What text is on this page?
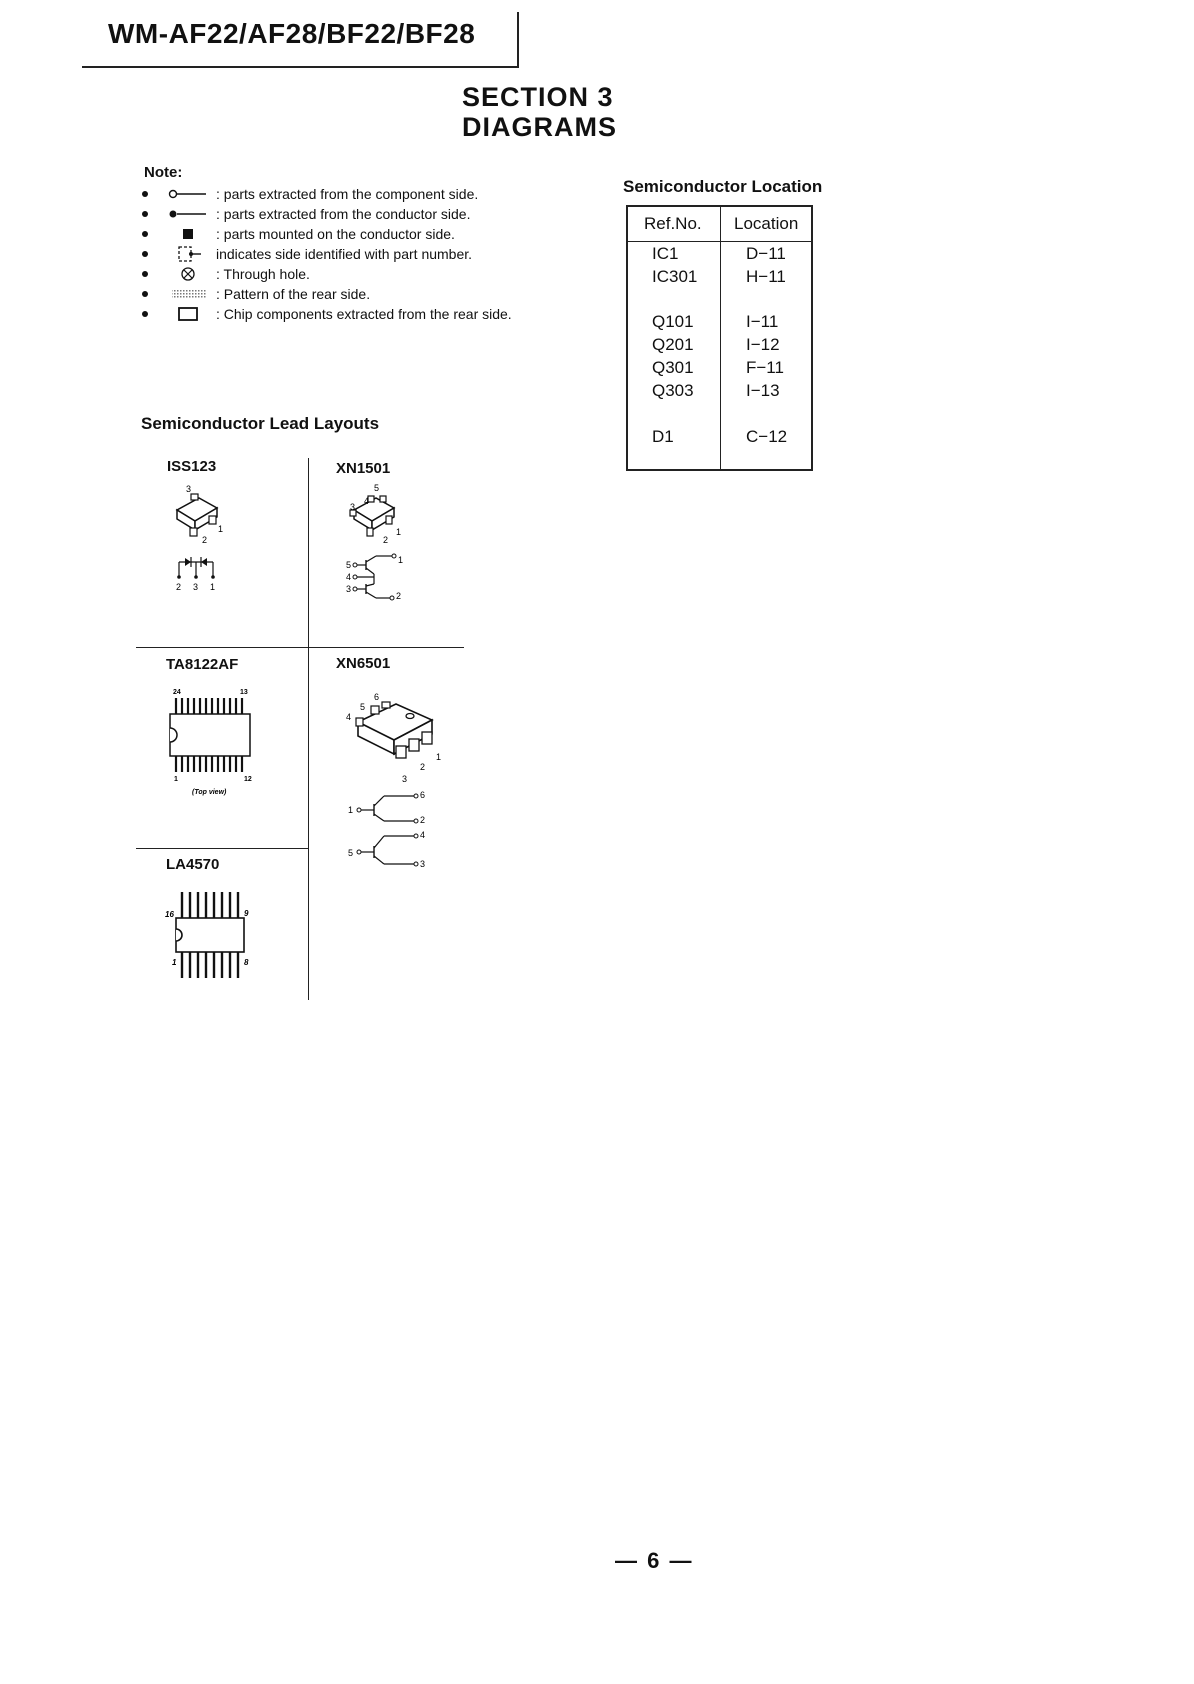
WM-AF22/AF28/BF22/BF28
SECTION 3
DIAGRAMS
Note:
: parts extracted from the component side.
: parts extracted from the conductor side.
: parts mounted on the conductor side.
indicates side identified with part number.
: Through hole.
: Pattern of the rear side.
: Chip components extracted from the rear side.
Semiconductor Lead Layouts
ISS123
3
1
2
2 3 1
XN1501
5
4
3
2
1
5
4
3
1
2
TA8122AF
24	13
1	12
(Top view)
XN6501
6
5
4
1
2
3
1
6
2
4
5
3
LA4570
16	9
1	8
Semiconductor Location
Ref.No. Location
IC1	D−11
IC301	H−11
Q101	I−11
Q201	I−12
Q301	F−11
Q303	I−13
D1	C−12
— 6 —
